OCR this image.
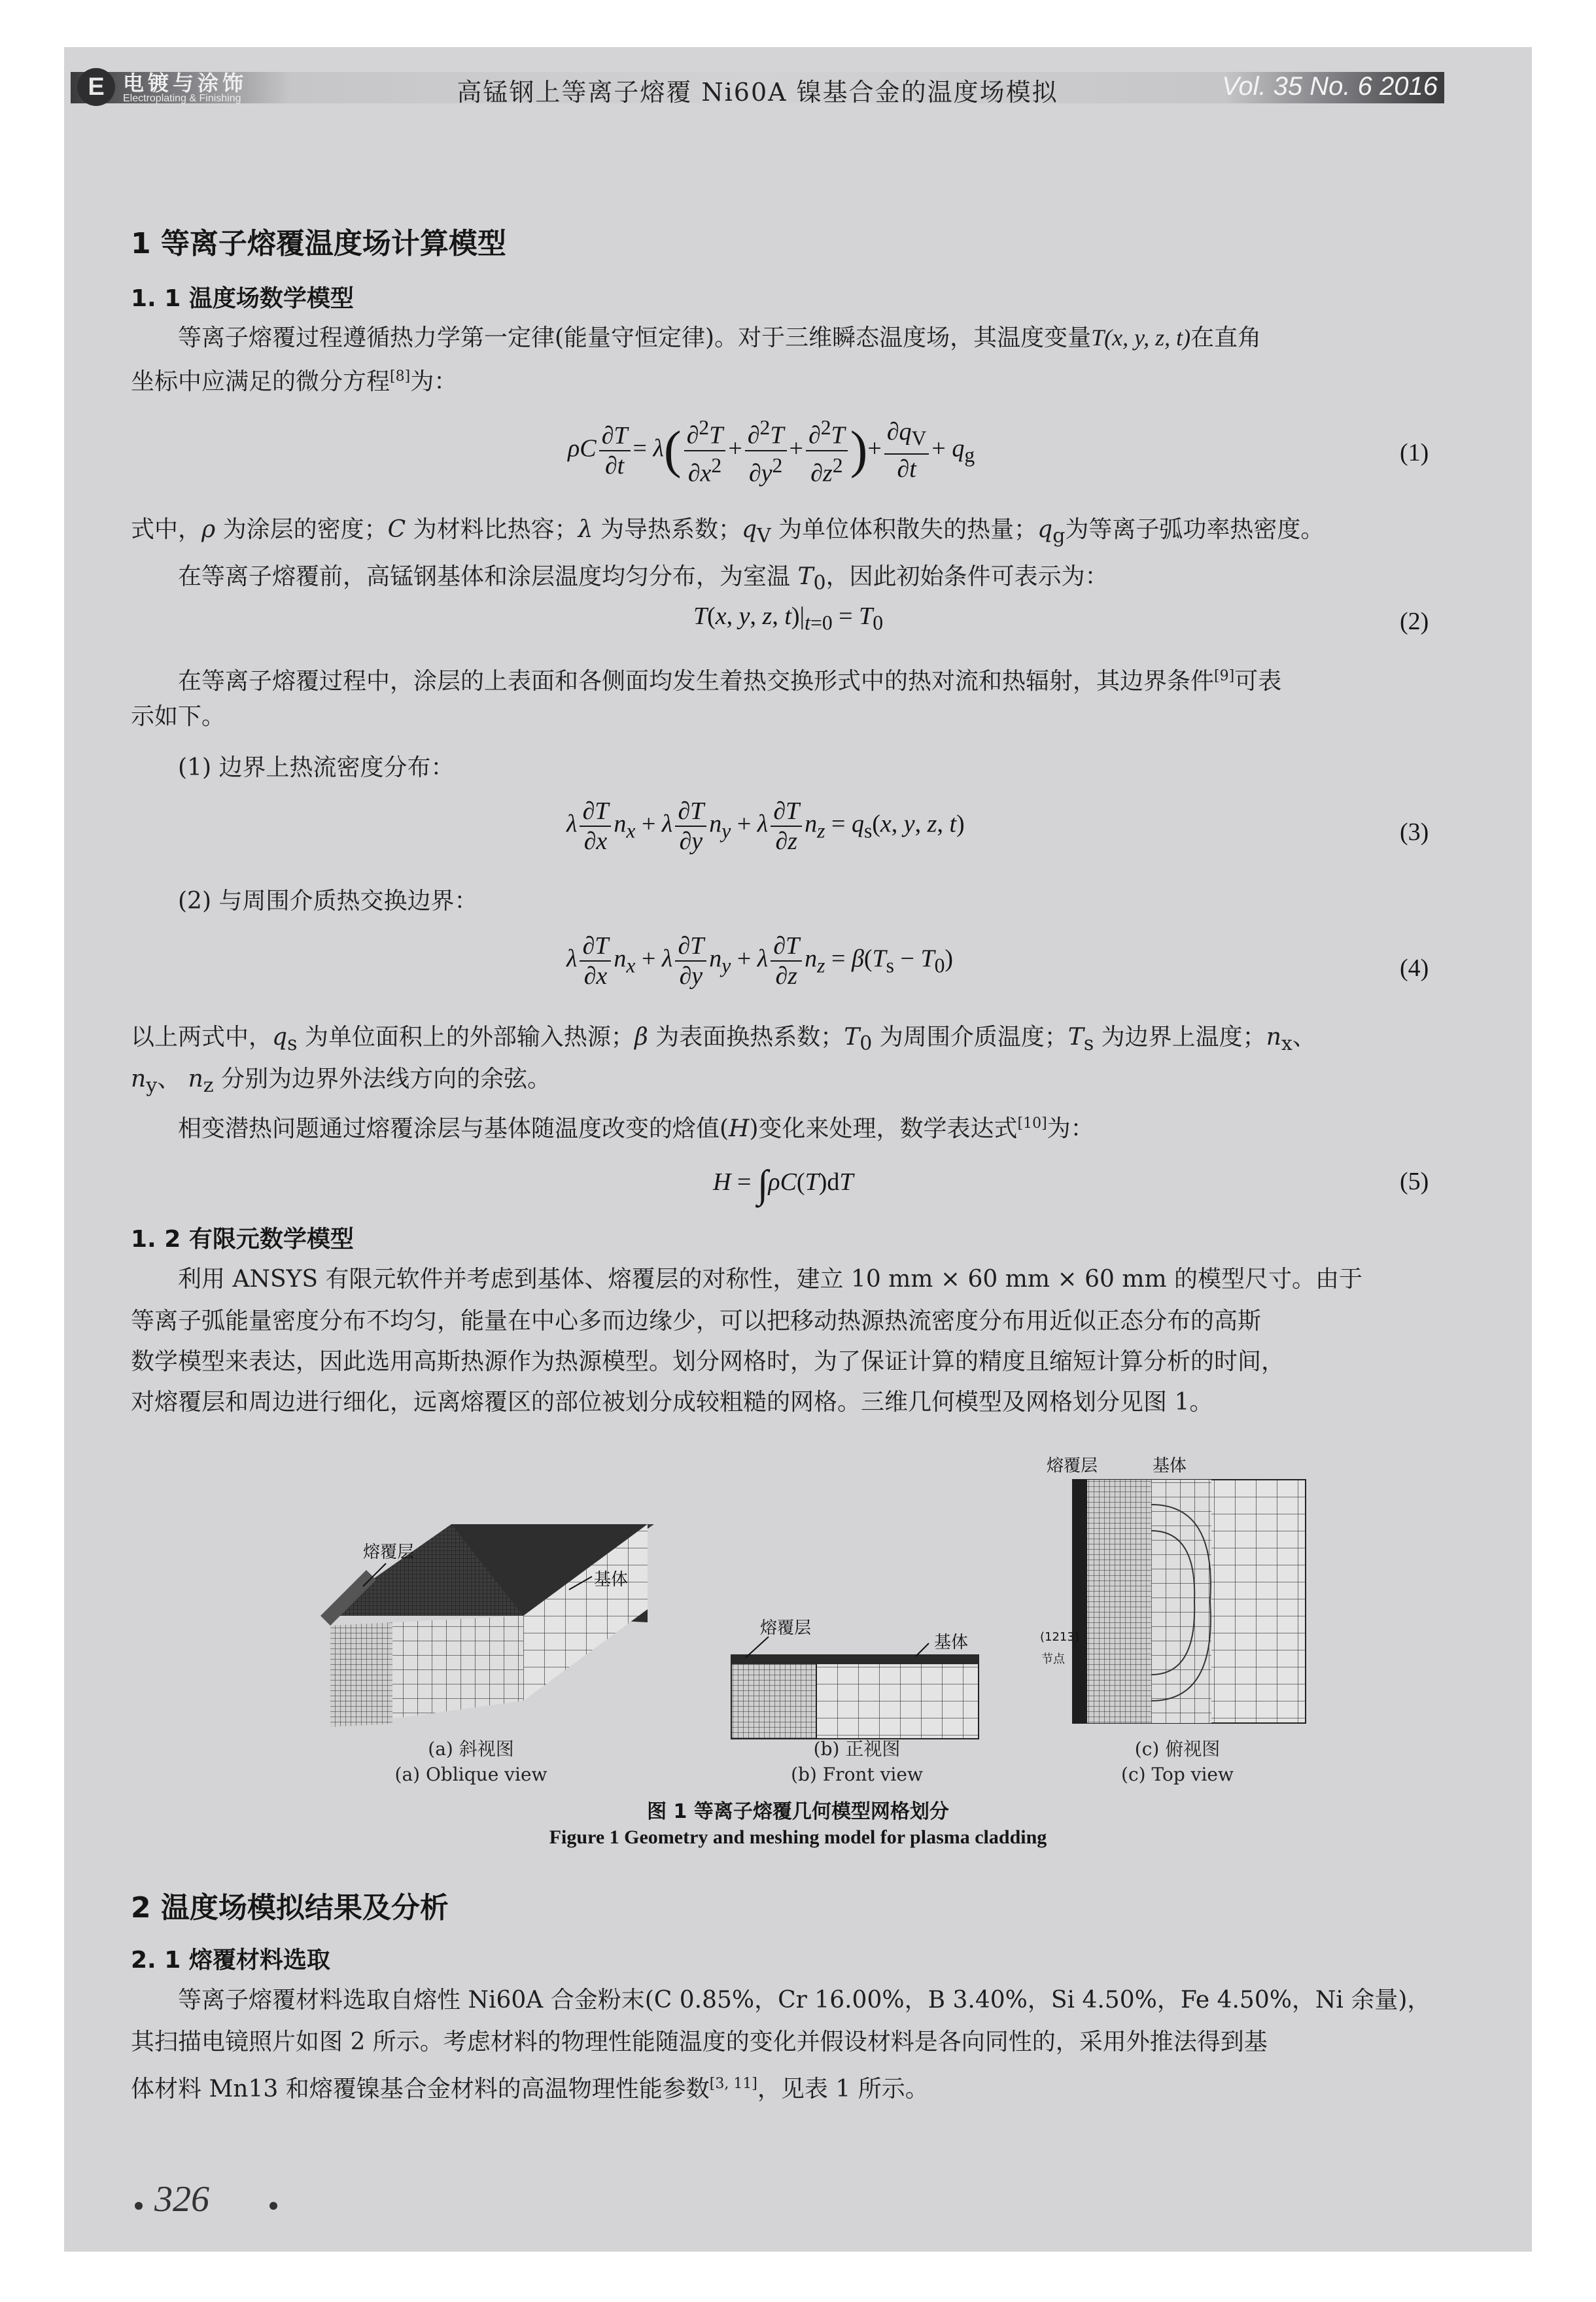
E 电镀与涂饰
Electroplating & Finishing	高锰钢上等离子熔覆 Ni60A 镍基合金的温度场模拟	Vol. 35 No. 6 2016
1 等离子熔覆温度场计算模型
1. 1 温度场数学模型
等离子熔覆过程遵循热力学第一定律(能量守恒定律)。对于三维瞬态温度场，其温度变量T(x, y, z, t)在直角
坐标中应满足的微分方程[8]为：
ρC $\frac{\partial T}{\partial t} = \lambda( \frac{\partial^2T}{\partial x^2} + \frac{\partial^2T}{\partial y^2} + \frac{\partial^2T}{\partial z^2}$ )+ $\frac{\partial q_V}{\partial t} + q_g$	(1)
式中，ρ 为涂层的密度；C 为材料比热容；λ 为导热系数；$q_V$ 为单位体积散失的热量；$q_g$为等离子弧功率热密度。
在等离子熔覆前，高锰钢基体和涂层温度均匀分布，为室温 $T_0$，因此初始条件可表示为：
T(x, y, z, $t)|_{t=0} = T_0$	(2)
在等离子熔覆过程中，涂层的上表面和各侧面均发生着热交换形式中的热对流和热辐射，其边界条件[9]可表
示如下。
(1) 边界上热流密度分布：
λ $\frac{\partial T}{\partial x} n_x + \lambda \frac{\partial T}{\partial y} n_y + \lambda \frac{\partial T}{\partial z} n_z = q_s(x$, y, z, t)	(3)
(2) 与周围介质热交换边界：
λ $\frac{\partial T}{\partial x} n_x + \lambda \frac{\partial T}{\partial y} n_y + \lambda \frac{\partial T}{\partial z} n_z = \beta(T_s - T_0)$	(4)
以上两式中，$q_s$ 为单位面积上的外部输入热源；β 为表面换热系数；$T_0$ 为周围介质温度；$T_s$ 为边界上温度；$n_x$、
$n_y$、 $n_z$ 分别为边界外法线方向的余弦。
相变潜热问题通过熔覆涂层与基体随温度改变的焓值(H)变化来处理，数学表达式[10]为：
H = ∫ρC(T)dT	(5)
1. 2 有限元数学模型
利用 ANSYS 有限元软件并考虑到基体、熔覆层的对称性，建立 10 mm × 60 mm × 60 mm 的模型尺寸。由于
等离子弧能量密度分布不均匀，能量在中心多而边缘少，可以把移动热源热流密度分布用近似正态分布的高斯
数学模型来表达，因此选用高斯热源作为热源模型。划分网格时，为了保证计算的精度且缩短计算分析的时间，
对熔覆层和周边进行细化，远离熔覆区的部位被划分成较粗糙的网格。三维几何模型及网格划分见图 1。
熔覆层
基体
熔覆层
基体
熔覆层	基体
(1213)
节点
(a) 斜视图
(a) Oblique view
(b) 正视图
(b) Front view
(c) 俯视图
(c) Top view
图 1 等离子熔覆几何模型网格划分
Figure 1 Geometry and meshing model for plasma cladding
2 温度场模拟结果及分析
2. 1 熔覆材料选取
等离子熔覆材料选取自熔性 Ni60A 合金粉末(C 0.85%，Cr 16.00%，B 3.40%，Si 4.50%，Fe 4.50%，Ni 余量)，
其扫描电镜照片如图 2 所示。考虑材料的物理性能随温度的变化并假设材料是各向同性的，采用外推法得到基
体材料 Mn13 和熔覆镍基合金材料的高温物理性能参数[3, 11]，见表 1 所示。
326
